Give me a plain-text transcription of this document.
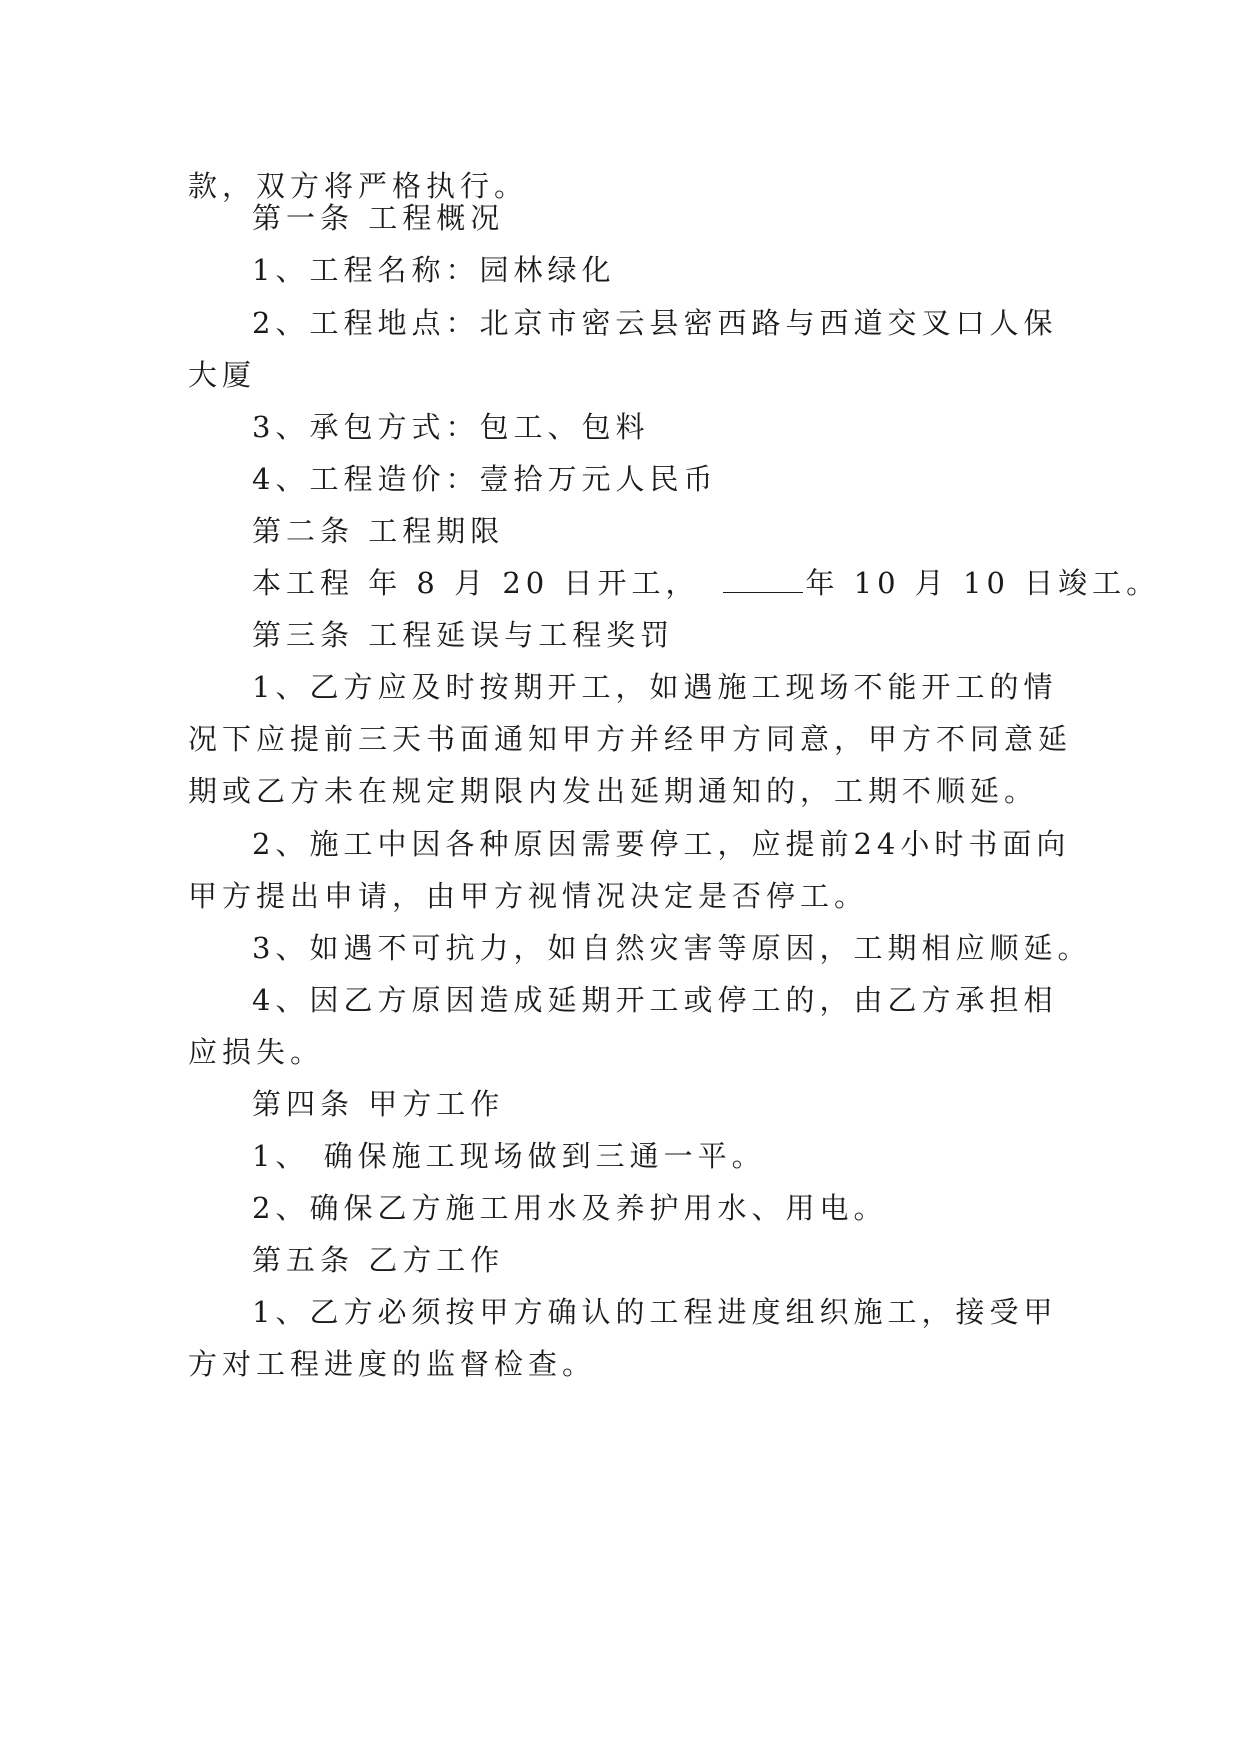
款，双方将严格执行。
第一条 工程概况
1、工程名称：园林绿化
2、工程地点：北京市密云县密西路与西道交叉口人保
大厦
3、承包方式：包工、包料
4、工程造价：壹拾万元人民币
第二条 工程期限
本工程 年 8 月 20 日开工，	年 10 月 10 日竣工。
第三条 工程延误与工程奖罚
1、乙方应及时按期开工，如遇施工现场不能开工的情
况下应提前三天书面通知甲方并经甲方同意，甲方不同意延
期或乙方未在规定期限内发出延期通知的，工期不顺延。
2、施工中因各种原因需要停工，应提前24小时书面向
甲方提出申请，由甲方视情况决定是否停工。
3、如遇不可抗力，如自然灾害等原因，工期相应顺延。
4、因乙方原因造成延期开工或停工的，由乙方承担相
应损失。
第四条 甲方工作
1、 确保施工现场做到三通一平。
2、确保乙方施工用水及养护用水、用电。
第五条 乙方工作
1、乙方必须按甲方确认的工程进度组织施工，接受甲
方对工程进度的监督检查。
